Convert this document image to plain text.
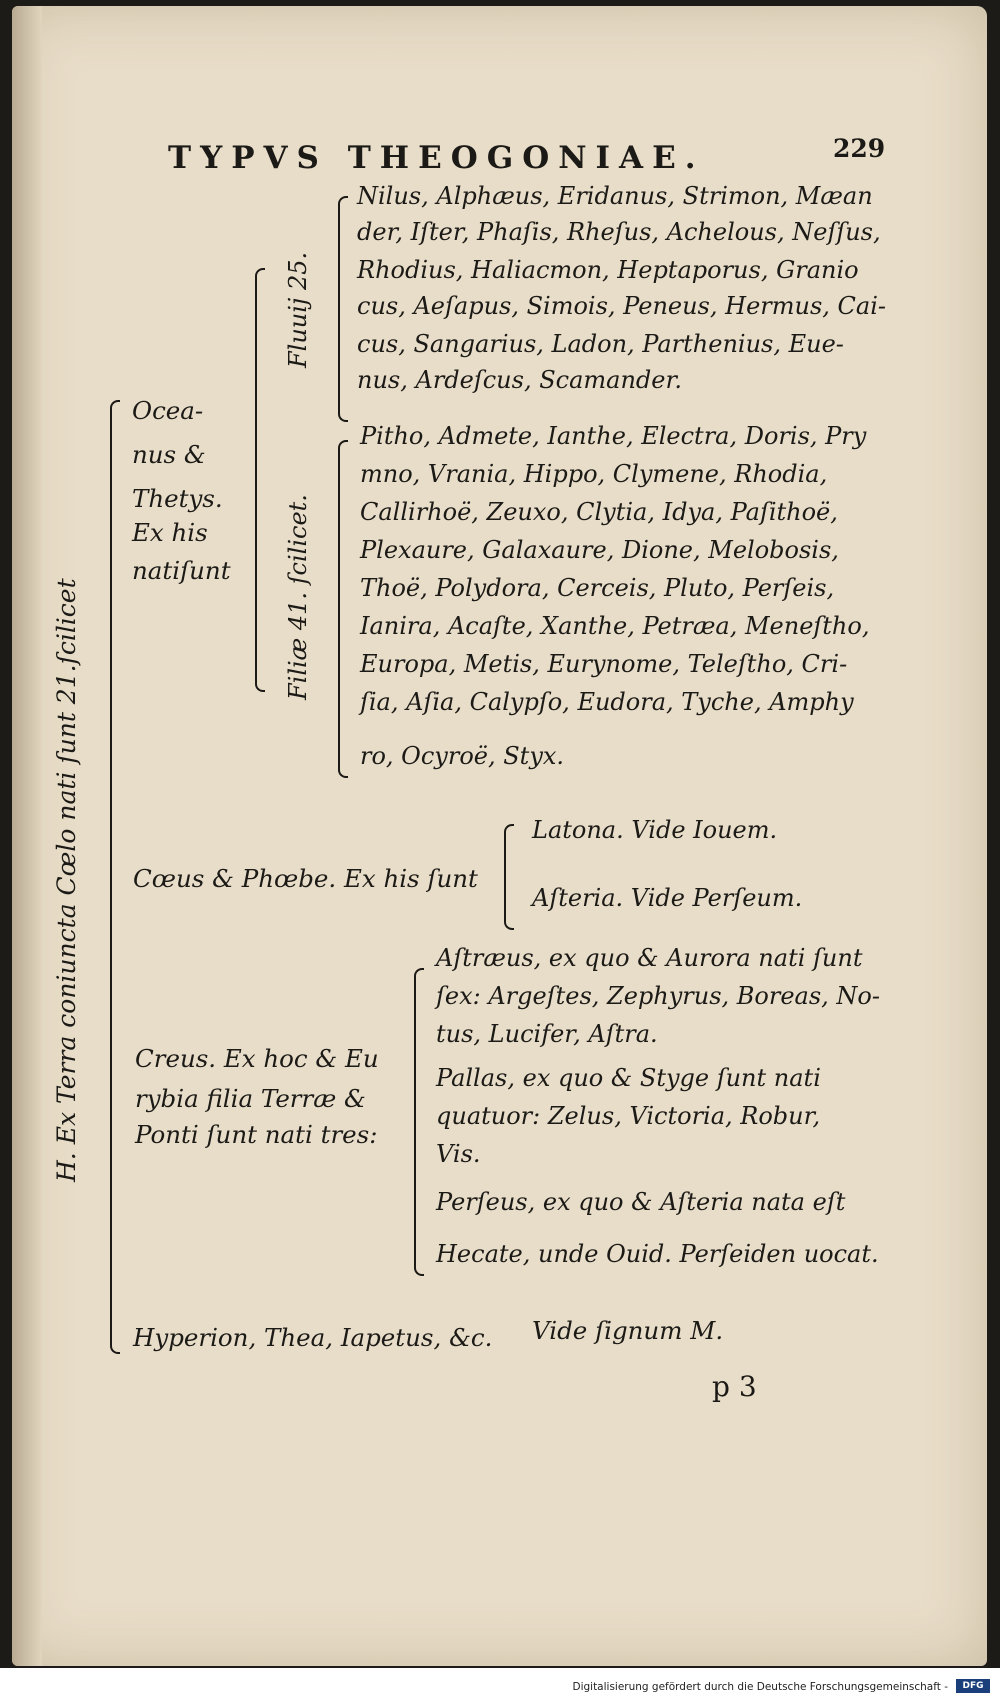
TYPVS THEOGONIAE.	229
H. Ex Terra coniuncta Cœlo nati ſunt 21.ſcilicet
Ocea-
nus &
Thetys.
Ex his
natiſunt
Fluuij 25.
Nilus, Alphæus, Eridanus, Strimon, Mæan
der, Iſter, Phaſis, Rheſus, Achelous, Neſſus,
Rhodius, Haliacmon, Heptaporus, Granio
cus, Aeſapus, Simois, Peneus, Hermus, Cai-
cus, Sangarius, Ladon, Parthenius, Eue-
nus, Ardeſcus, Scamander.
Filiæ 41. ſcilicet.
Pitho, Admete, Ianthe, Electra, Doris, Pry
mno, Vrania, Hippo, Clymene, Rhodia,
Callirhoë, Zeuxo, Clytia, Idya, Paſithoë,
Plexaure, Galaxaure, Dione, Melobosis,
Thoë, Polydora, Cerceis, Pluto, Perſeis,
Ianira, Acaſte, Xanthe, Petræa, Meneſtho,
Europa, Metis, Eurynome, Teleſtho, Cri-
ſia, Aſia, Calypſo, Eudora, Tyche, Amphy
ro, Ocyroë, Styx.
Cœus & Phœbe. Ex his ſunt
Latona. Vide Iouem.
Aſteria. Vide Perſeum.
Creus. Ex hoc & Eu
rybia filia Terræ &
Ponti ſunt nati tres:
Aſtræus, ex quo & Aurora nati ſunt
ſex: Argeſtes, Zephyrus, Boreas, No-
tus, Lucifer, Aſtra.
Pallas, ex quo & Styge ſunt nati
quatuor: Zelus, Victoria, Robur,
Vis.
Perſeus, ex quo & Aſteria nata eſt
Hecate, unde Ouid. Perſeiden uocat.
Hyperion, Thea, Iapetus, &c. Vide ſignum M.
p 3
Digitalisierung gefördert durch die Deutsche Forschungsgemeinschaft -	DFG
